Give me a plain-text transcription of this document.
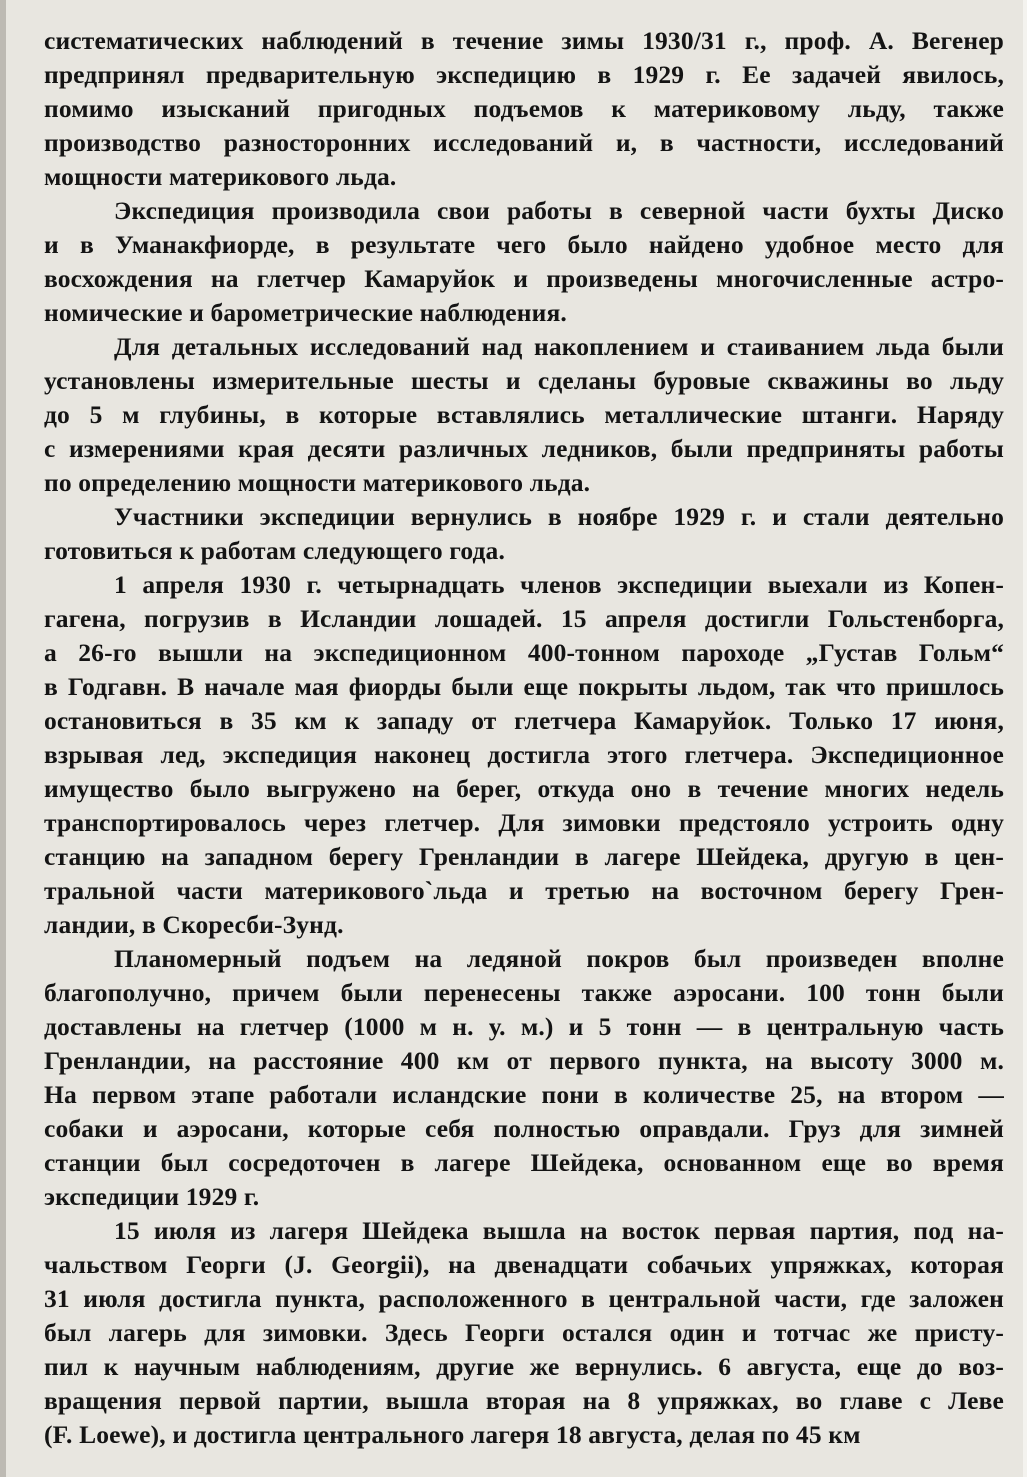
систематических наблюдений в течение зимы 1930/31 г., проф. А. Вегенер
предпринял предварительную экспедицию в 1929 г. Ее задачей явилось,
помимо изысканий пригодных подъемов к материковому льду, также
производство разносторонних исследований и, в частности, исследований
мощности материкового льда.
Экспедиция производила свои работы в северной части бухты Диско
и в Уманакфиорде, в результате чего было найдено удобное место для
восхождения на глетчер Камаруйок и произведены многочисленные астро-
номические и барометрические наблюдения.
Для детальных исследований над накоплением и стаиванием льда были
установлены измерительные шесты и сделаны буровые скважины во льду
до 5 м глубины, в которые вставлялись металлические штанги. Наряду
с измерениями края десяти различных ледников, были предприняты работы
по определению мощности материкового льда.
Участники экспедиции вернулись в ноябре 1929 г. и стали деятельно
готовиться к работам следующего года.
1 апреля 1930 г. четырнадцать членов экспедиции выехали из Копен-
гагена, погрузив в Исландии лошадей. 15 апреля достигли Гольстенборга,
а 26-го вышли на экспедиционном 400-тонном пароходе „Густав Гольм“
в Годгавн. В начале мая фиорды были еще покрыты льдом, так что пришлось
остановиться в 35 км к западу от глетчера Камаруйок. Только 17 июня,
взрывая лед, экспедиция наконец достигла этого глетчера. Экспедиционное
имущество было выгружено на берег, откуда оно в течение многих недель
транспортировалось через глетчер. Для зимовки предстояло устроить одну
станцию на западном берегу Гренландии в лагере Шейдека, другую в цен-
тральной части материкового`льда и третью на восточном берегу Грен-
ландии, в Скоресби-Зунд.
Планомерный подъем на ледяной покров был произведен вполне
благополучно, причем были перенесены также аэросани. 100 тонн были
доставлены на глетчер (1000 м н. у. м.) и 5 тонн — в центральную часть
Гренландии, на расстояние 400 км от первого пункта, на высоту 3000 м.
На первом этапе работали исландские пони в количестве 25, на втором —
собаки и аэросани, которые себя полностью оправдали. Груз для зимней
станции был сосредоточен в лагере Шейдека, основанном еще во время
экспедиции 1929 г.
15 июля из лагеря Шейдека вышла на восток первая партия, под на-
чальством Георги (J. Georgii), на двенадцати собачьих упряжках, которая
31 июля достигла пункта, расположенного в центральной части, где заложен
был лагерь для зимовки. Здесь Георги остался один и тотчас же присту-
пил к научным наблюдениям, другие же вернулись. 6 августа, еще до воз-
вращения первой партии, вышла вторая на 8 упряжках, во главе с Леве
(F. Loewe), и достигла центрального лагеря 18 августа, делая по 45 км
